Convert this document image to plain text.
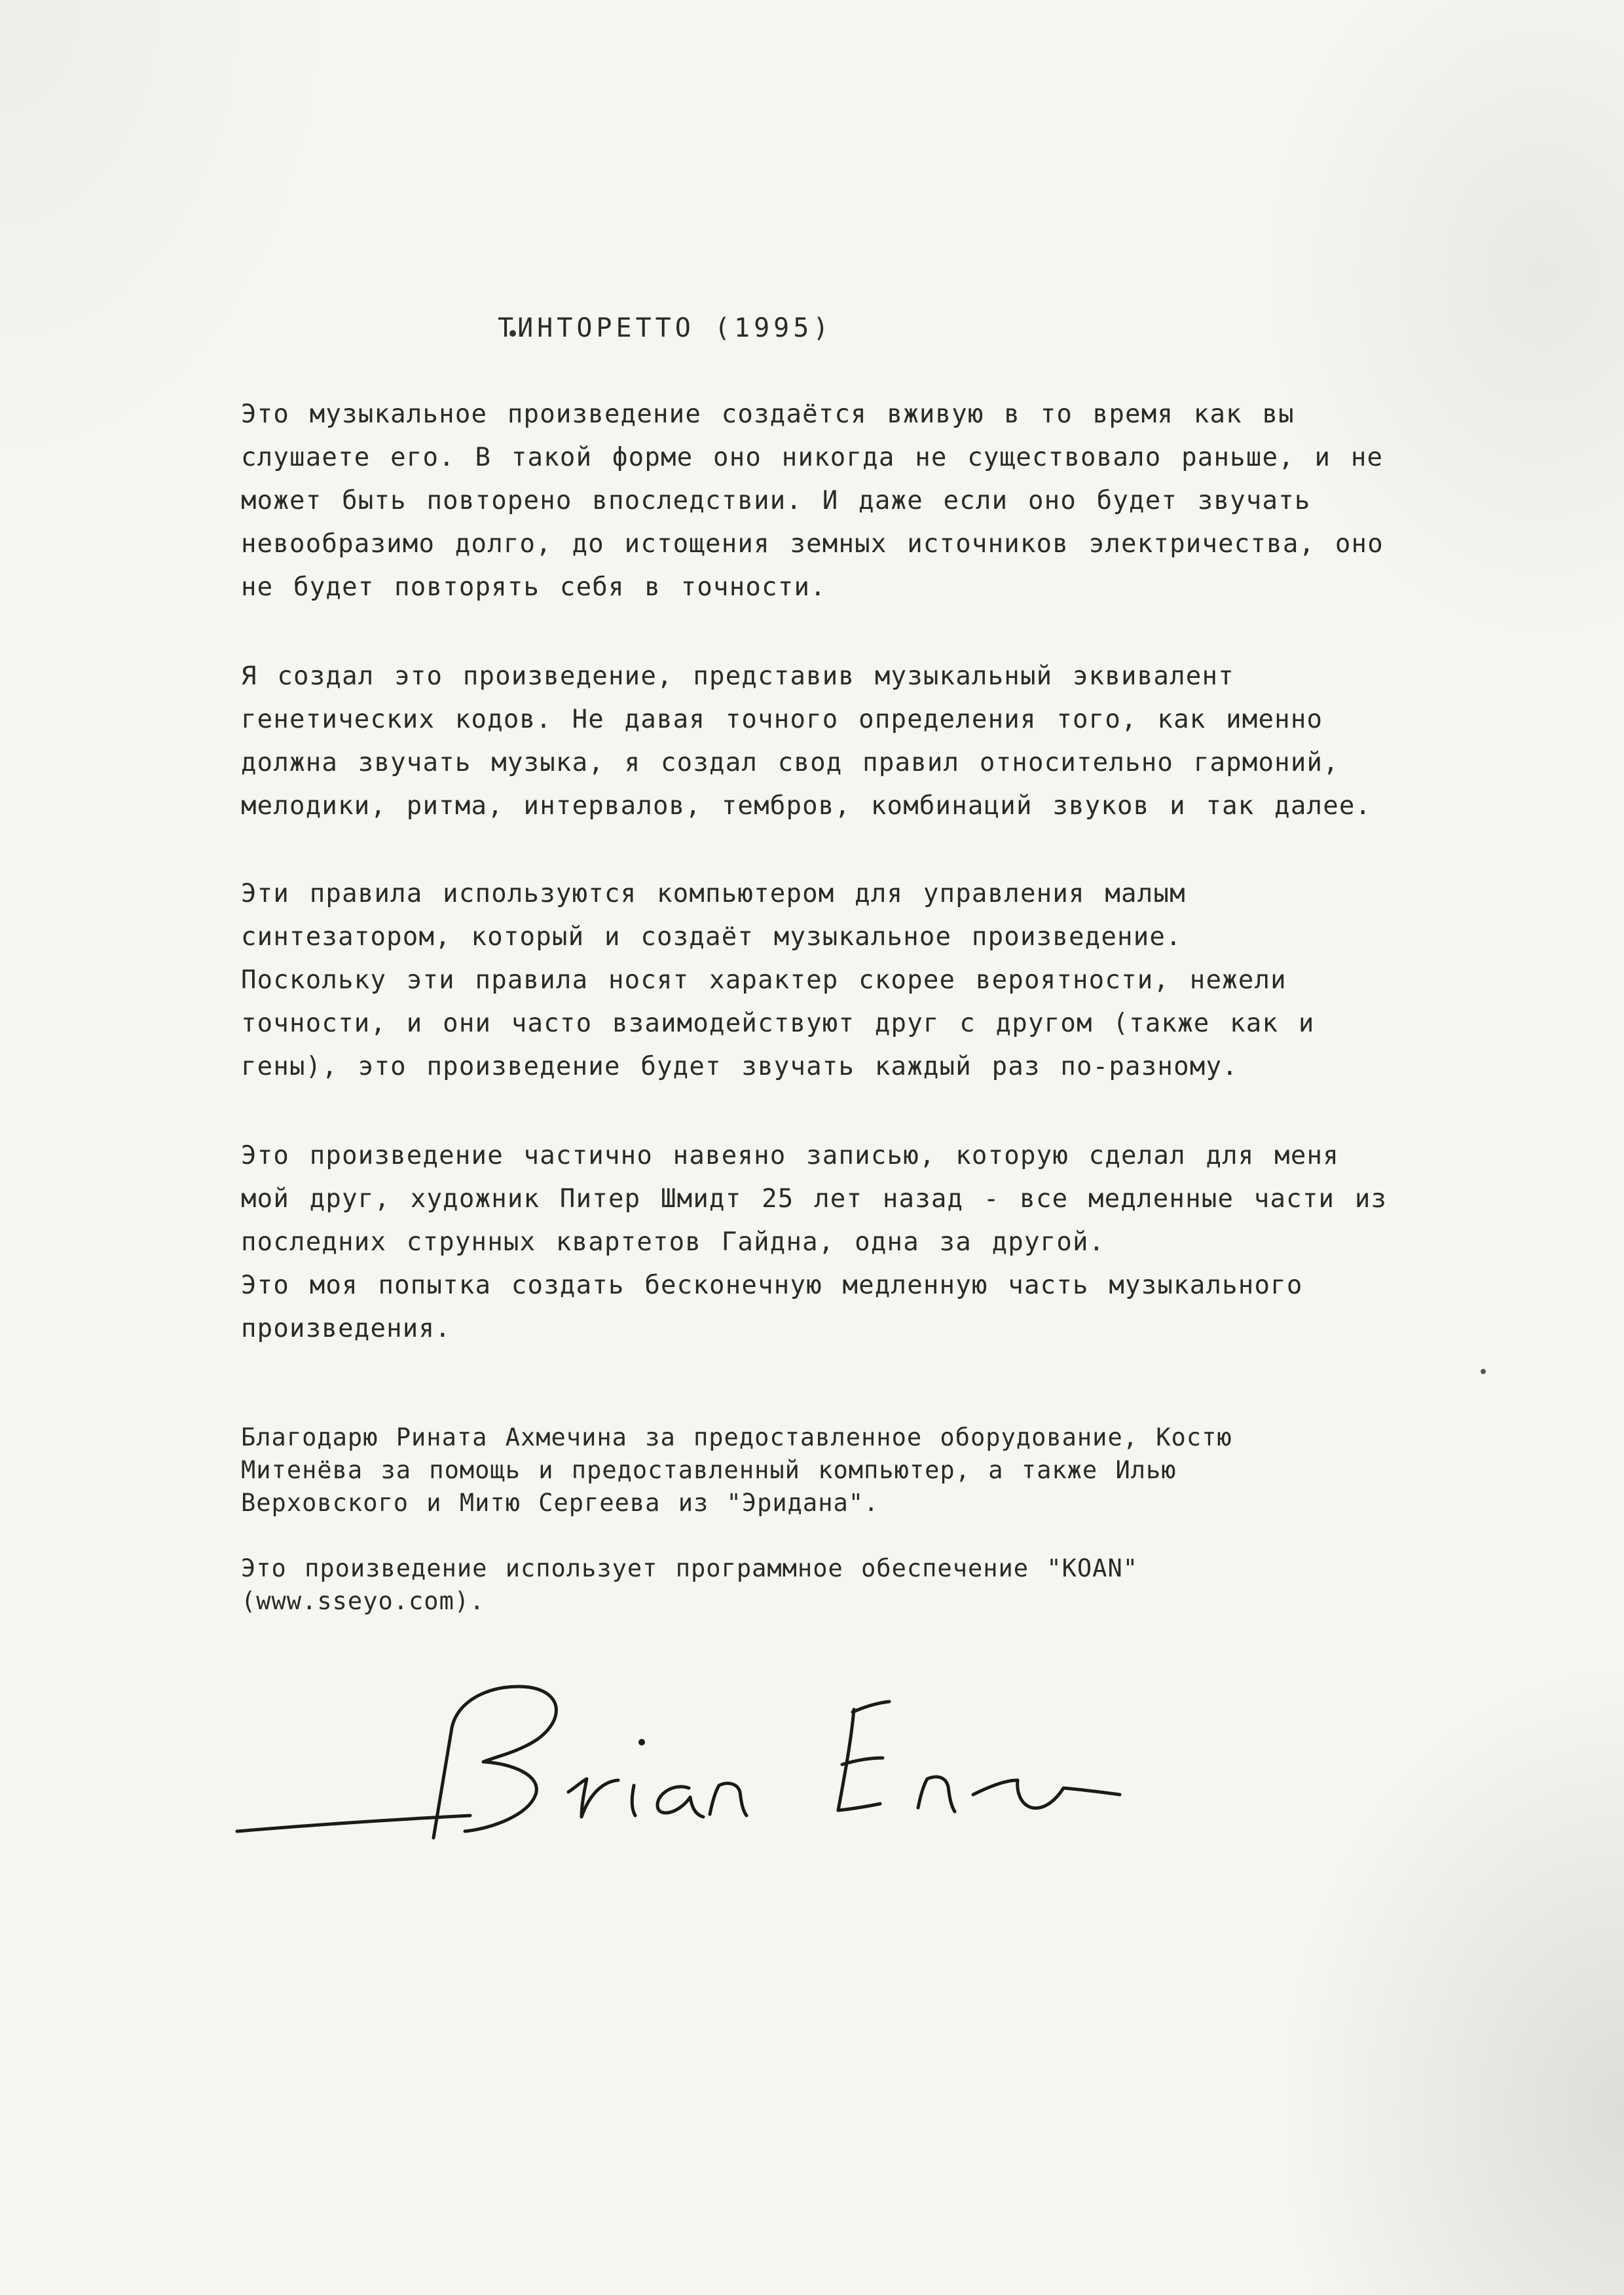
ТИНТОРЕТТО (1995)
Это музыкальное произведение создаётся вживую в то время как вы
слушаете его. В такой форме оно никогда не существовало раньше, и не
может быть повторено впоследствии. И даже если оно будет звучать
невообразимо долго, до истощения земных источников электричества, оно
не будет повторять себя в точности.
Я создал это произведение, представив музыкальный эквивалент
генетических кодов. Не давая точного определения того, как именно
должна звучать музыка, я создал свод правил относительно гармоний,
мелодики, ритма, интервалов, тембров, комбинаций звуков и так далее.
Эти правила используются компьютером для управления малым
синтезатором, который и создаёт музыкальное произведение.
Поскольку эти правила носят характер скорее вероятности, нежели
точности, и они часто взаимодействуют друг с другом (также как и
гены), это произведение будет звучать каждый раз по-разному.
Это произведение частично навеяно записью, которую сделал для меня
мой друг, художник Питер Шмидт 25 лет назад - все медленные части из
последних струнных квартетов Гайдна, одна за другой.
Это моя попытка создать бесконечную медленную часть музыкального
произведения.
Благодарю Рината Ахмечина за предоставленное оборудование, Костю
Митенёва за помощь и предоставленный компьютер, а также Илью
Верховского и Митю Сергеева из "Эридана".
Это произведение использует программное обеспечение "KOAN"
(www.sseyo.com).
